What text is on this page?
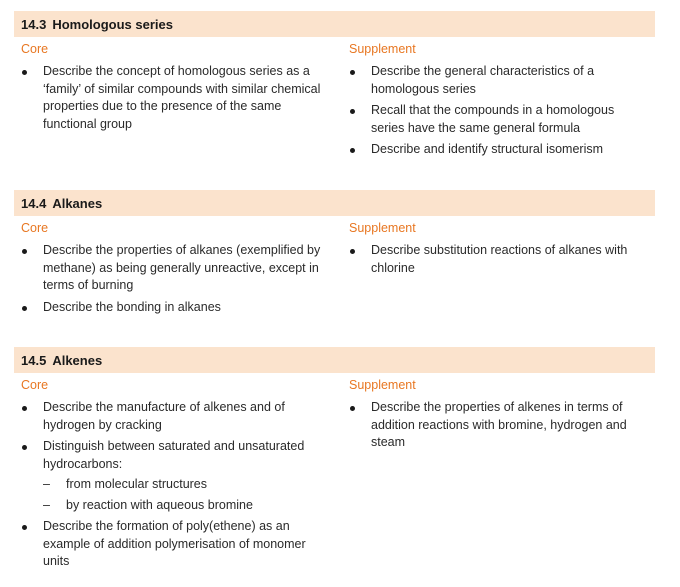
14.3 Homologous series
Core
Describe the concept of homologous series as a ‘family’ of similar compounds with similar chemical properties due to the presence of the same functional group
Supplement
Describe the general characteristics of a homologous series
Recall that the compounds in a homologous series have the same general formula
Describe and identify structural isomerism
14.4 Alkanes
Core
Describe the properties of alkanes (exemplified by methane) as being generally unreactive, except in terms of burning
Describe the bonding in alkanes
Supplement
Describe substitution reactions of alkanes with chlorine
14.5 Alkenes
Core
Describe the manufacture of alkenes and of hydrogen by cracking
Distinguish between saturated and unsaturated hydrocarbons:
– from molecular structures
– by reaction with aqueous bromine
Describe the formation of poly(ethene) as an example of addition polymerisation of monomer units
Supplement
Describe the properties of alkenes in terms of addition reactions with bromine, hydrogen and steam
